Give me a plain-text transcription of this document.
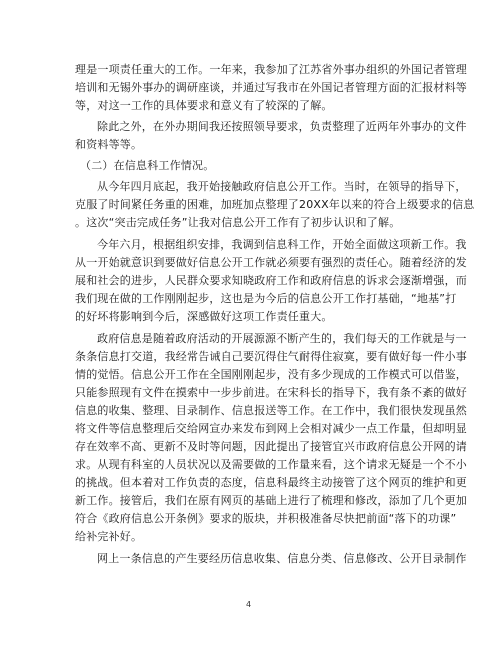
理是一项责任重大的工作。一年来，我参加了江苏省外事办组织的外国记者管理
培训和无锡外事办的调研座谈，并通过写我市在外国记者管理方面的汇报材料等
等，对这一工作的具体要求和意义有了较深的了解。
除此之外，在外办期间我还按照领导要求，负责整理了近两年外事办的文件
和资料等等。
（二）在信息科工作情况。
从今年四月底起，我开始接触政府信息公开工作。当时，在领导的指导下，
克服了时间紧任务重的困难，加班加点整理了20XX年以来的符合上级要求的信息
。这次“突击完成任务”让我对信息公开工作有了初步认识和了解。
今年六月，根据组织安排，我调到信息科工作，开始全面做这项新工作。我
从一开始就意识到要做好信息公开工作就必须要有强烈的责任心。随着经济的发
展和社会的进步，人民群众要求知晓政府工作和政府信息的诉求会逐渐增强，而
我们现在做的工作刚刚起步，这也是为今后的信息公开工作打基础，“地基”打
的好坏将影响到今后，深感做好这项工作责任重大。
政府信息是随着政府活动的开展源源不断产生的，我们每天的工作就是与一
条条信息打交道，我经常告诫自己要沉得住气耐得住寂寞，要有做好每一件小事
情的觉悟。信息公开工作在全国刚刚起步，没有多少现成的工作模式可以借鉴，
只能参照现有文件在摸索中一步步前进。在宋科长的指导下，我有条不紊的做好
信息的收集、整理、目录制作、信息报送等工作。在工作中，我们很快发现虽然
将文件等信息整理后交给网宣办来发布到网上会相对减少一点工作量，但却明显
存在效率不高、更新不及时等问题，因此提出了接管宜兴市政府信息公开网的请
求。从现有科室的人员状况以及需要做的工作量来看，这个请求无疑是一个不小
的挑战。但本着对工作负责的态度，信息科最终主动接管了这个网页的维护和更
新工作。接管后，我们在原有网页的基础上进行了梳理和修改，添加了几个更加
符合《政府信息公开条例》要求的版块，并积极准备尽快把前面“落下的功课”
给补完补好。
网上一条信息的产生要经历信息收集、信息分类、信息修改、公开目录制作
4
